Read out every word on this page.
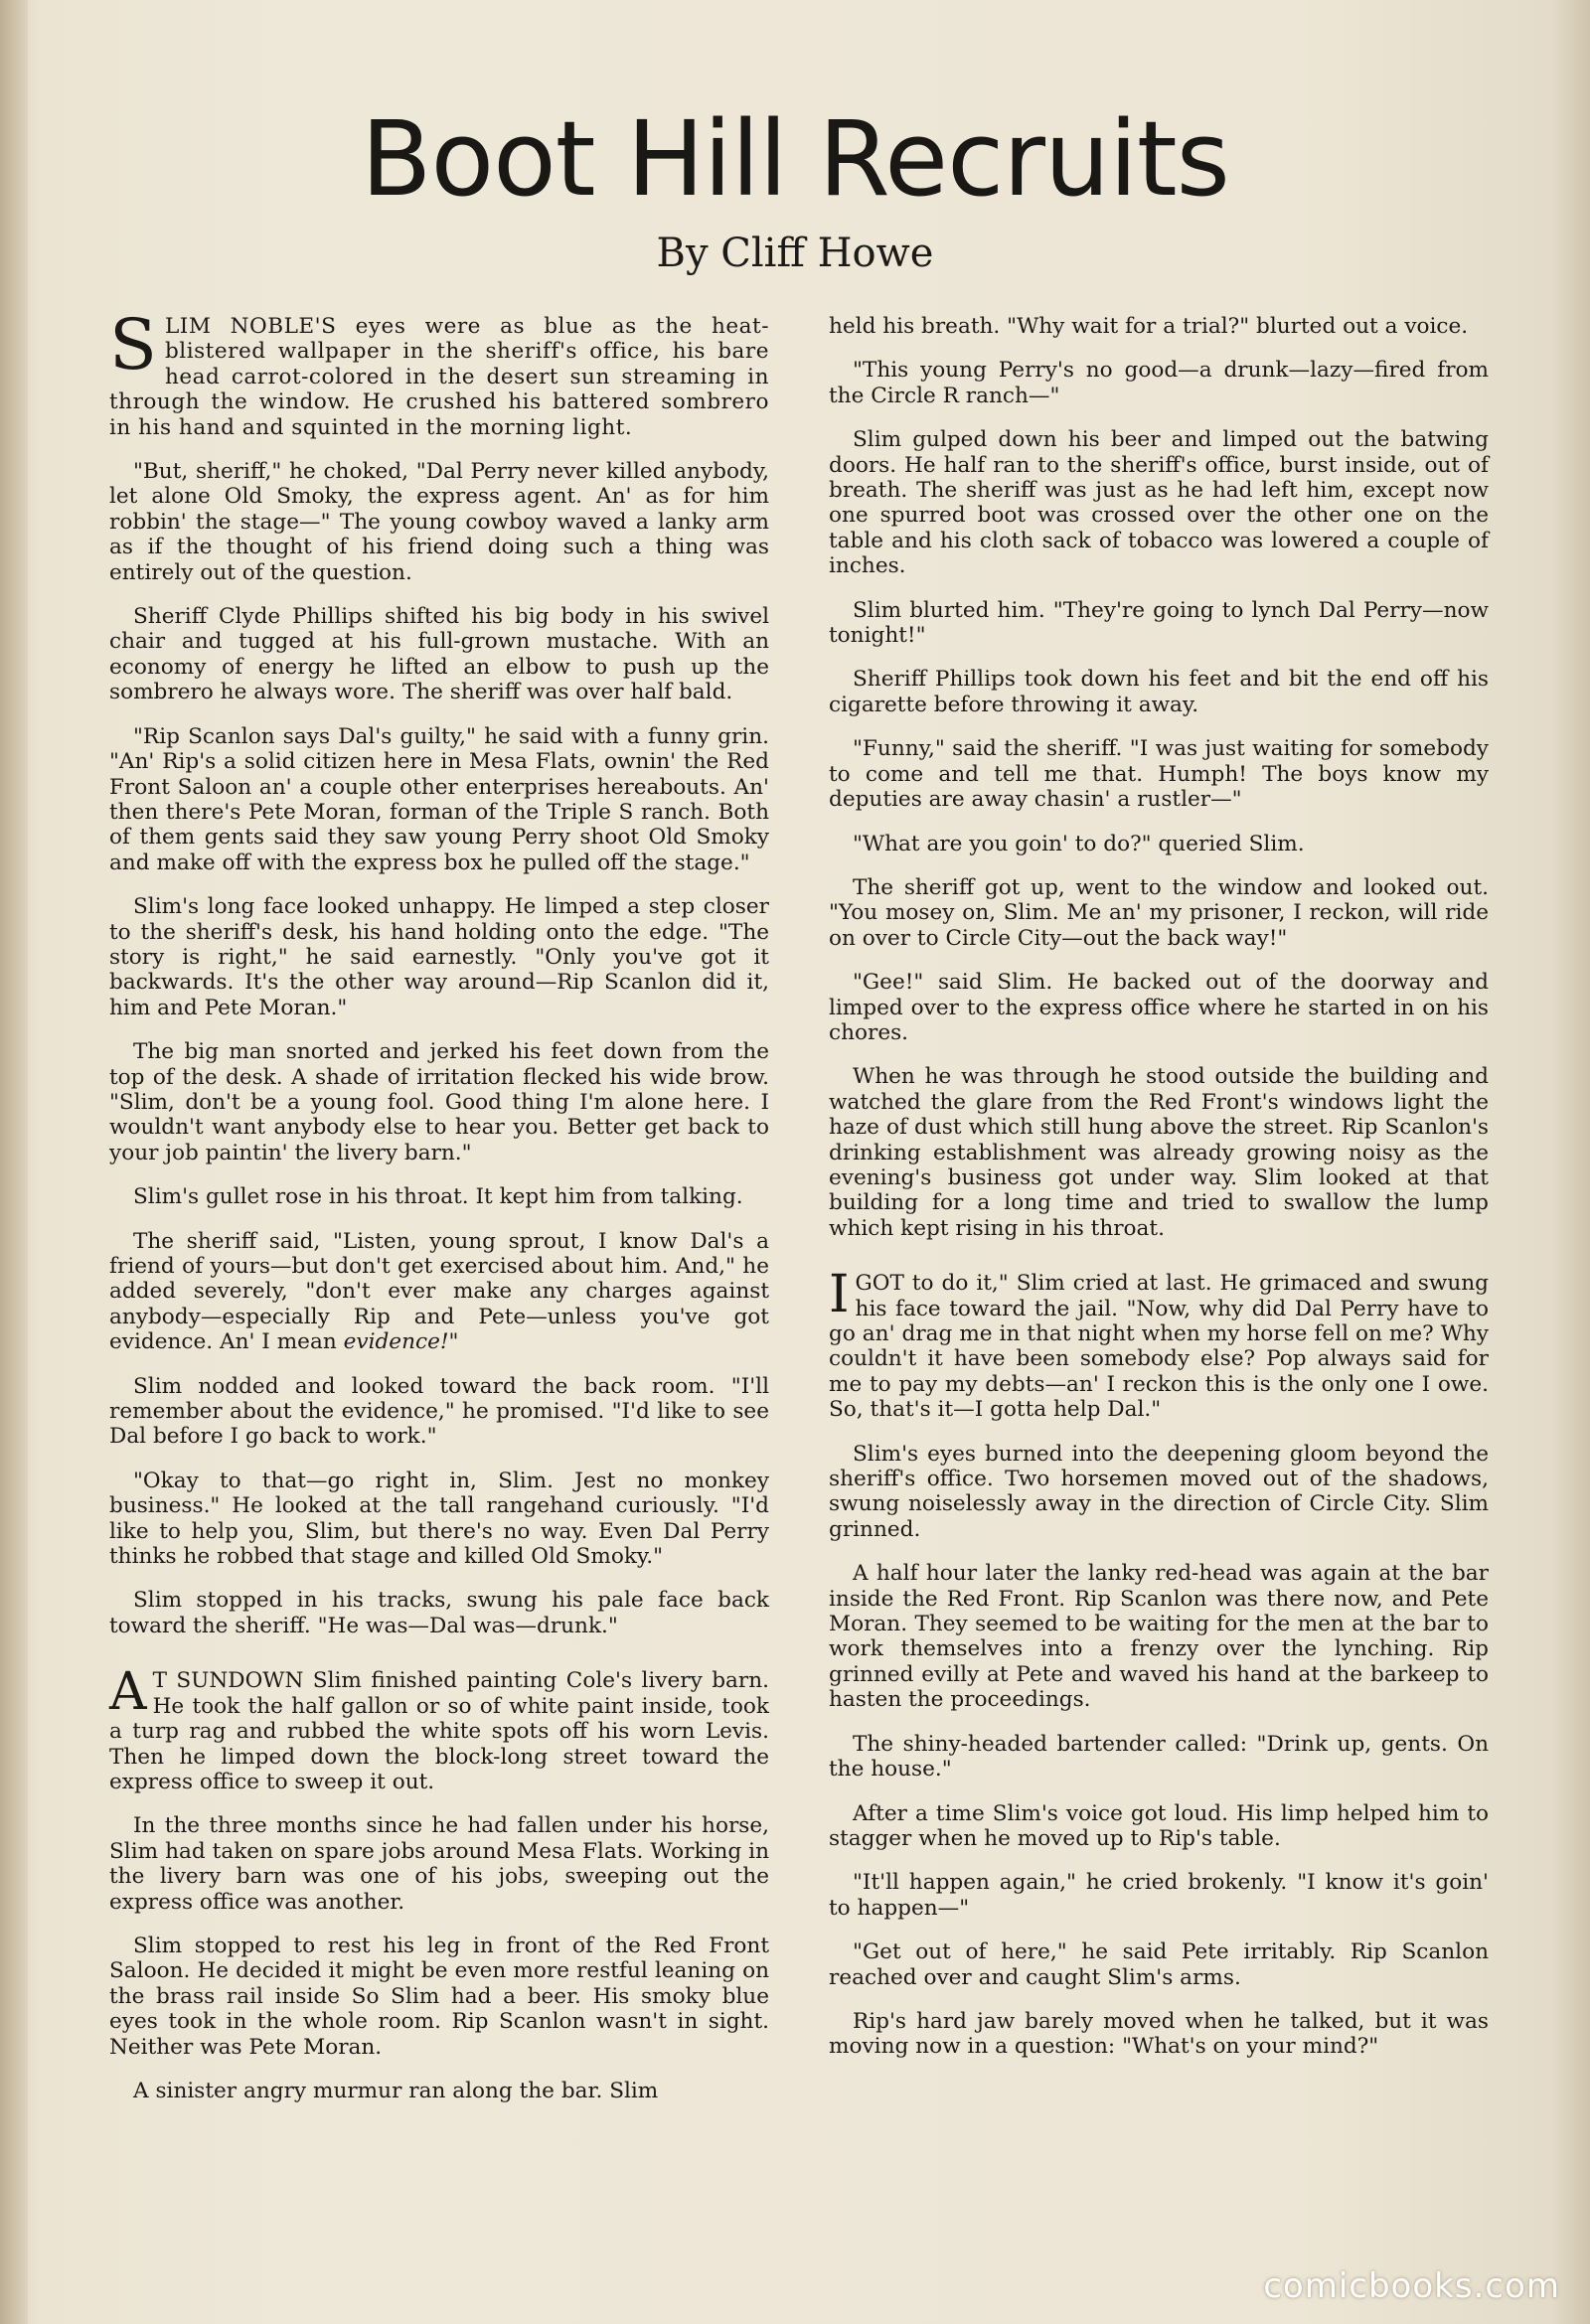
Boot Hill Recruits
By Cliff Howe

SLIM NOBLE'S eyes were as blue as the heat-blistered wallpaper in the sheriff's office, his bare head carrot-colored in the desert sun streaming in through the window. He crushed his battered sombrero in his hand and squinted in the morning light.

"But, sheriff," he choked, "Dal Perry never killed anybody, let alone Old Smoky, the express agent. An' as for him robbin' the stage—" The young cowboy waved a lanky arm as if the thought of his friend doing such a thing was entirely out of the question.

Sheriff Clyde Phillips shifted his big body in his swivel chair and tugged at his full-grown mustache. With an economy of energy he lifted an elbow to push up the sombrero he always wore. The sheriff was over half bald.

"Rip Scanlon says Dal's guilty," he said with a funny grin. "An' Rip's a solid citizen here in Mesa Flats, ownin' the Red Front Saloon an' a couple other enterprises hereabouts. An' then there's Pete Moran, forman of the Triple S ranch. Both of them gents said they saw young Perry shoot Old Smoky and make off with the express box he pulled off the stage."

Slim's long face looked unhappy. He limped a step closer to the sheriff's desk, his hand holding onto the edge. "The story is right," he said earnestly. "Only you've got it backwards. It's the other way around—Rip Scanlon did it, him and Pete Moran."

The big man snorted and jerked his feet down from the top of the desk. A shade of irritation flecked his wide brow. "Slim, don't be a young fool. Good thing I'm alone here. I wouldn't want anybody else to hear you. Better get back to your job paintin' the livery barn."

Slim's gullet rose in his throat. It kept him from talking.

The sheriff said, "Listen, young sprout, I know Dal's a friend of yours—but don't get exercised about him. And," he added severely, "don't ever make any charges against anybody—especially Rip and Pete—unless you've got evidence. An' I mean evidence!"

Slim nodded and looked toward the back room. "I'll remember about the evidence," he promised. "I'd like to see Dal before I go back to work."

"Okay to that—go right in, Slim. Jest no monkey business." He looked at the tall rangehand curiously. "I'd like to help you, Slim, but there's no way. Even Dal Perry thinks he robbed that stage and killed Old Smoky."

Slim stopped in his tracks, swung his pale face back toward the sheriff. "He was—Dal was—drunk."

A T SUNDOWN Slim finished painting Cole's livery barn. He took the half gallon or so of white paint inside, took a turp rag and rubbed the white spots off his worn Levis. Then he limped down the block-long street toward the express office to sweep it out.

In the three months since he had fallen under his horse, Slim had taken on spare jobs around Mesa Flats. Working in the livery barn was one of his jobs, sweeping out the express office was another.

Slim stopped to rest his leg in front of the Red Front Saloon. He decided it might be even more restful leaning on the brass rail inside So Slim had a beer. His smoky blue eyes took in the whole room. Rip Scanlon wasn't in sight. Neither was Pete Moran.

A sinister angry murmur ran along the bar. Slim

held his breath. "Why wait for a trial?" blurted out a voice.

"This young Perry's no good—a drunk—lazy—fired from the Circle R ranch—"

Slim gulped down his beer and limped out the batwing doors. He half ran to the sheriff's office, burst inside, out of breath. The sheriff was just as he had left him, except now one spurred boot was crossed over the other one on the table and his cloth sack of tobacco was lowered a couple of inches.

Slim blurted him. "They're going to lynch Dal Perry—now tonight!"

Sheriff Phillips took down his feet and bit the end off his cigarette before throwing it away.

"Funny," said the sheriff. "I was just waiting for somebody to come and tell me that. Humph! The boys know my deputies are away chasin' a rustler—"

"What are you goin' to do?" queried Slim.

The sheriff got up, went to the window and looked out. "You mosey on, Slim. Me an' my prisoner, I reckon, will ride on over to Circle City—out the back way!"

"Gee!" said Slim. He backed out of the doorway and limped over to the express office where he started in on his chores.

When he was through he stood outside the building and watched the glare from the Red Front's windows light the haze of dust which still hung above the street. Rip Scanlon's drinking establishment was already growing noisy as the evening's business got under way. Slim looked at that building for a long time and tried to swallow the lump which kept rising in his throat.

I GOT to do it," Slim cried at last. He grimaced and swung his face toward the jail. "Now, why did Dal Perry have to go an' drag me in that night when my horse fell on me? Why couldn't it have been somebody else? Pop always said for me to pay my debts—an' I reckon this is the only one I owe. So, that's it—I gotta help Dal."

Slim's eyes burned into the deepening gloom beyond the sheriff's office. Two horsemen moved out of the shadows, swung noiselessly away in the direction of Circle City. Slim grinned.

A half hour later the lanky red-head was again at the bar inside the Red Front. Rip Scanlon was there now, and Pete Moran. They seemed to be waiting for the men at the bar to work themselves into a frenzy over the lynching. Rip grinned evilly at Pete and waved his hand at the barkeep to hasten the proceedings.

The shiny-headed bartender called: "Drink up, gents. On the house."

After a time Slim's voice got loud. His limp helped him to stagger when he moved up to Rip's table.

"It'll happen again," he cried brokenly. "I know it's goin' to happen—"

"Get out of here," he said Pete irritably. Rip Scanlon reached over and caught Slim's arms.

Rip's hard jaw barely moved when he talked, but it was moving now in a question: "What's on your mind?"

comicbooks.com
